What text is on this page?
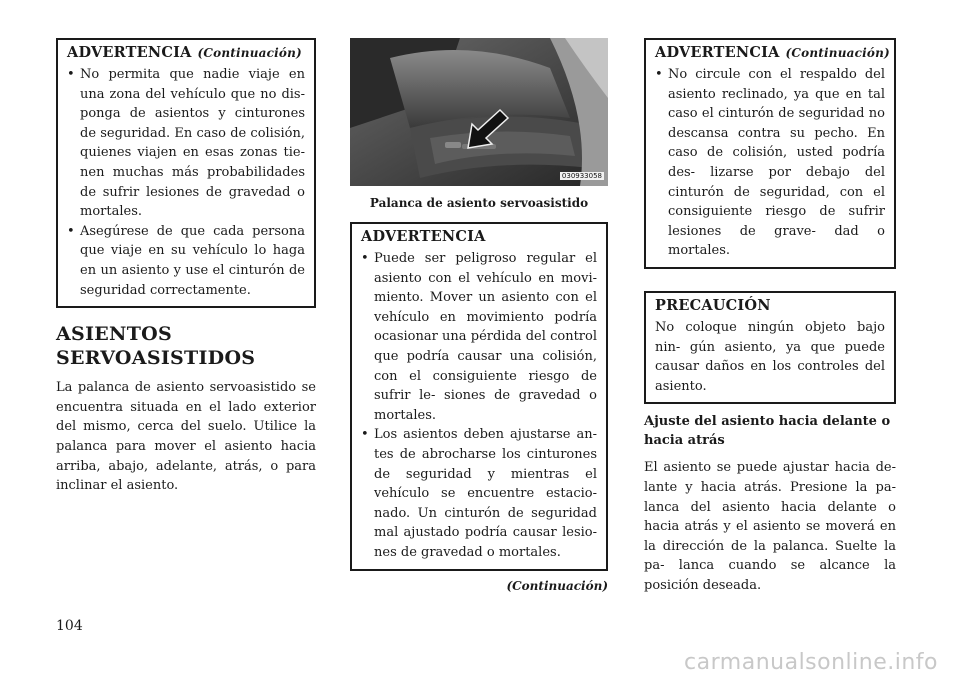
ADVERTENCIA (Continuación)
• No permita que nadie viaje en una zona del vehículo que no dis- ponga de asientos y cinturones de seguridad. En caso de colisión, quienes viajen en esas zonas tie- nen muchas más probabilidades de sufrir lesiones de gravedad o mortales.
• Asegúrese de que cada persona que viaje en su vehículo lo haga en un asiento y use el cinturón de seguridad correctamente.
ASIENTOS SERVOASISTIDOS

La palanca de asiento servoasistido se encuentra situada en el lado exterior del mismo, cerca del suelo. Utilice la palanca para mover el asiento hacia arriba, abajo, adelante, atrás, o para inclinar el asiento.

030933058
Palanca de asiento servoasistido
ADVERTENCIA
• Puede ser peligroso regular el asiento con el vehículo en movi- miento. Mover un asiento con el vehículo en movimiento podría ocasionar una pérdida del control que podría causar una colisión, con el consiguiente riesgo de sufrir le- siones de gravedad o mortales.
• Los asientos deben ajustarse an- tes de abrocharse los cinturones de seguridad y mientras el vehículo se encuentre estacio- nado. Un cinturón de seguridad mal ajustado podría causar lesio- nes de gravedad o mortales.
(Continuación)
ADVERTENCIA (Continuación)
• No circule con el respaldo del asiento reclinado, ya que en tal caso el cinturón de seguridad no descansa contra su pecho. En caso de colisión, usted podría des- lizarse por debajo del cinturón de seguridad, con el consiguiente riesgo de sufrir lesiones de grave- dad o mortales.
PRECAUCIÓN

No coloque ningún objeto bajo nin- gún asiento, ya que puede causar daños en los controles del asiento.

Ajuste del asiento hacia delante o hacia atrás

El asiento se puede ajustar hacia de- lante y hacia atrás. Presione la pa- lanca del asiento hacia delante o hacia atrás y el asiento se moverá en la dirección de la palanca. Suelte la pa- lanca cuando se alcance la posición deseada.

104
carmanualsonline.info
